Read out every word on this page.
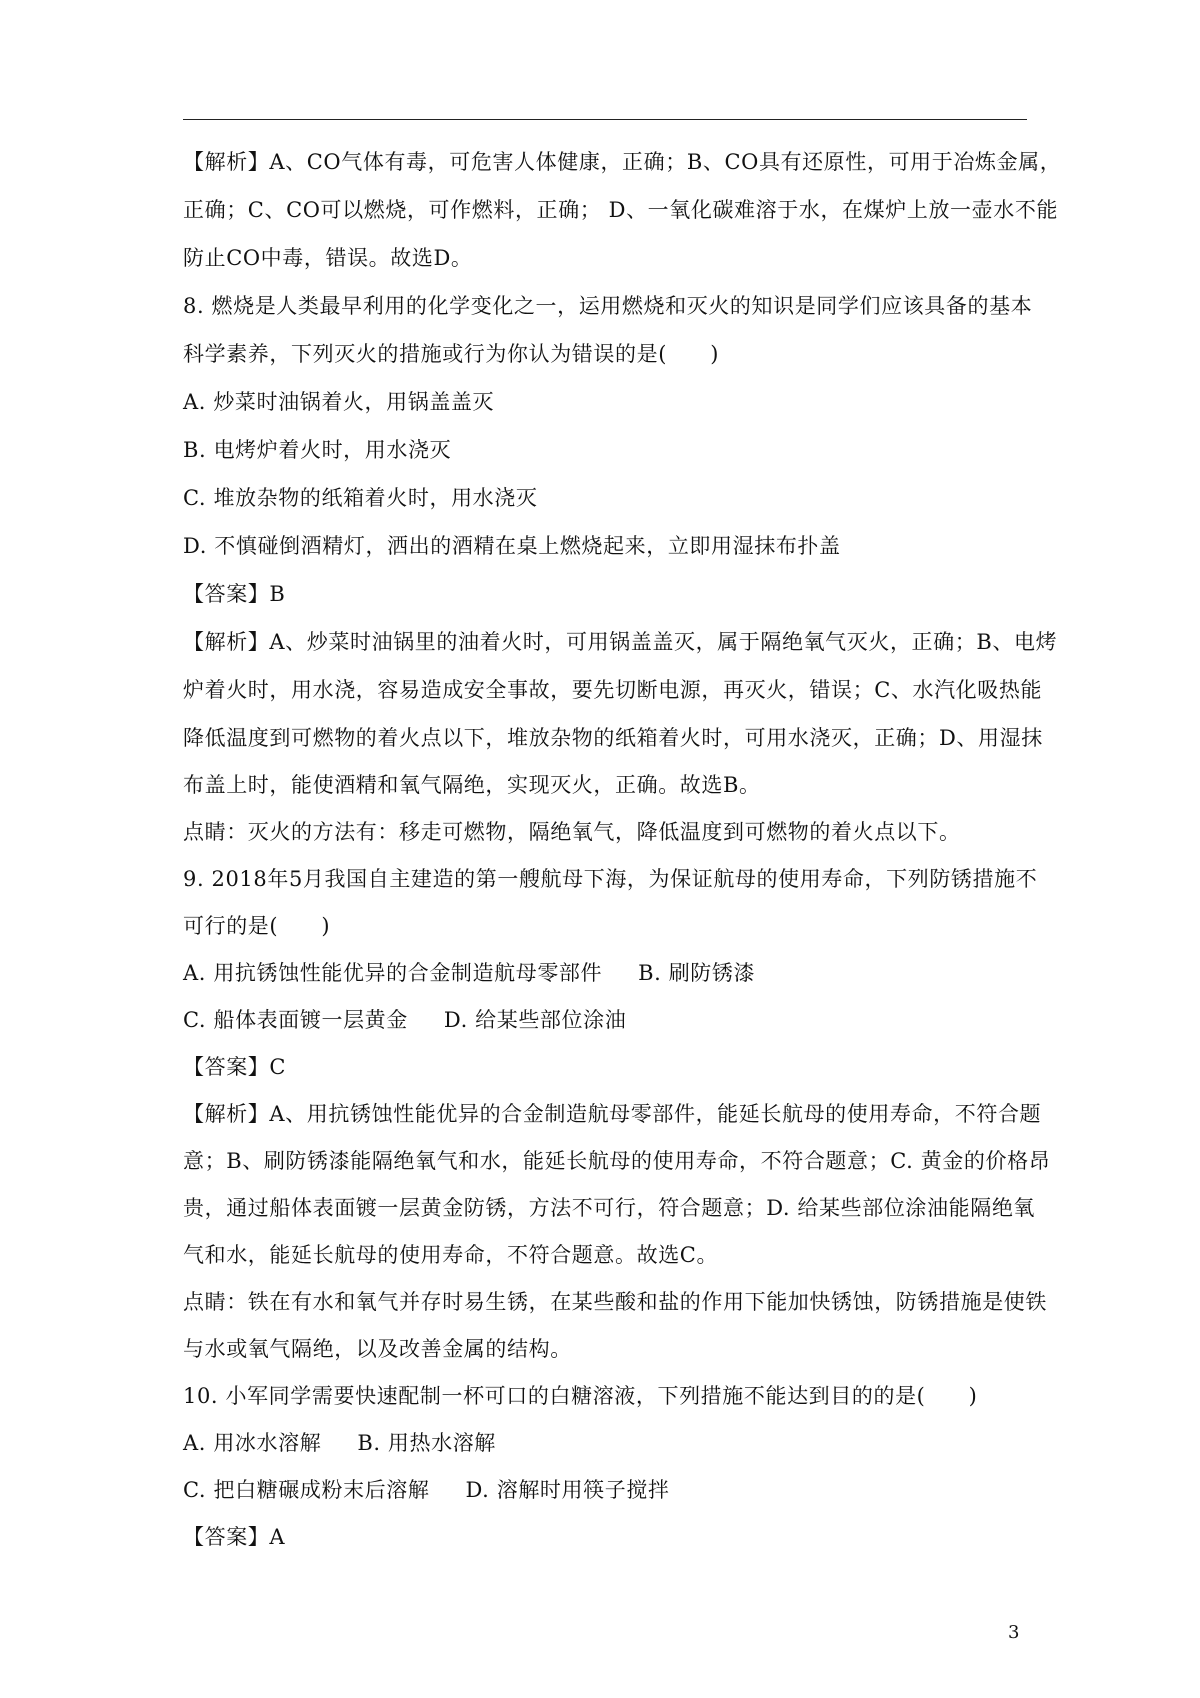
【解析】A、CO气体有毒，可危害人体健康，正确；B、CO具有还原性，可用于冶炼金属，
正确；C、CO可以燃烧，可作燃料，正确； D、一氧化碳难溶于水，在煤炉上放一壶水不能
防止CO中毒，错误。故选D。
8. 燃烧是人类最早利用的化学变化之一，运用燃烧和灭火的知识是同学们应该具备的基本
科学素养，下列灭火的措施或行为你认为错误的是(　　)
A. 炒菜时油锅着火，用锅盖盖灭
B. 电烤炉着火时，用水浇灭
C. 堆放杂物的纸箱着火时，用水浇灭
D. 不慎碰倒酒精灯，洒出的酒精在桌上燃烧起来，立即用湿抹布扑盖
【答案】B
【解析】A、炒菜时油锅里的油着火时，可用锅盖盖灭，属于隔绝氧气灭火，正确；B、电烤
炉着火时，用水浇，容易造成安全事故，要先切断电源，再灭火，错误；C、水汽化吸热能
降低温度到可燃物的着火点以下，堆放杂物的纸箱着火时，可用水浇灭，正确；D、用湿抹
布盖上时，能使酒精和氧气隔绝，实现灭火，正确。故选B。
点睛：灭火的方法有：移走可燃物，隔绝氧气，降低温度到可燃物的着火点以下。
9. 2018年5月我国自主建造的第一艘航母下海，为保证航母的使用寿命，下列防锈措施不
可行的是(　　)
A. 用抗锈蚀性能优异的合金制造航母零部件 B. 刷防锈漆
C. 船体表面镀一层黄金 D. 给某些部位涂油
【答案】C
【解析】A、用抗锈蚀性能优异的合金制造航母零部件，能延长航母的使用寿命，不符合题
意；B、刷防锈漆能隔绝氧气和水，能延长航母的使用寿命，不符合题意；C. 黄金的价格昂
贵，通过船体表面镀一层黄金防锈，方法不可行，符合题意；D. 给某些部位涂油能隔绝氧
气和水，能延长航母的使用寿命，不符合题意。故选C。
点睛：铁在有水和氧气并存时易生锈，在某些酸和盐的作用下能加快锈蚀，防锈措施是使铁
与水或氧气隔绝，以及改善金属的结构。
10. 小军同学需要快速配制一杯可口的白糖溶液，下列措施不能达到目的的是(　　)
A. 用冰水溶解 B. 用热水溶解
C. 把白糖碾成粉末后溶解 D. 溶解时用筷子搅拌
【答案】A
3
